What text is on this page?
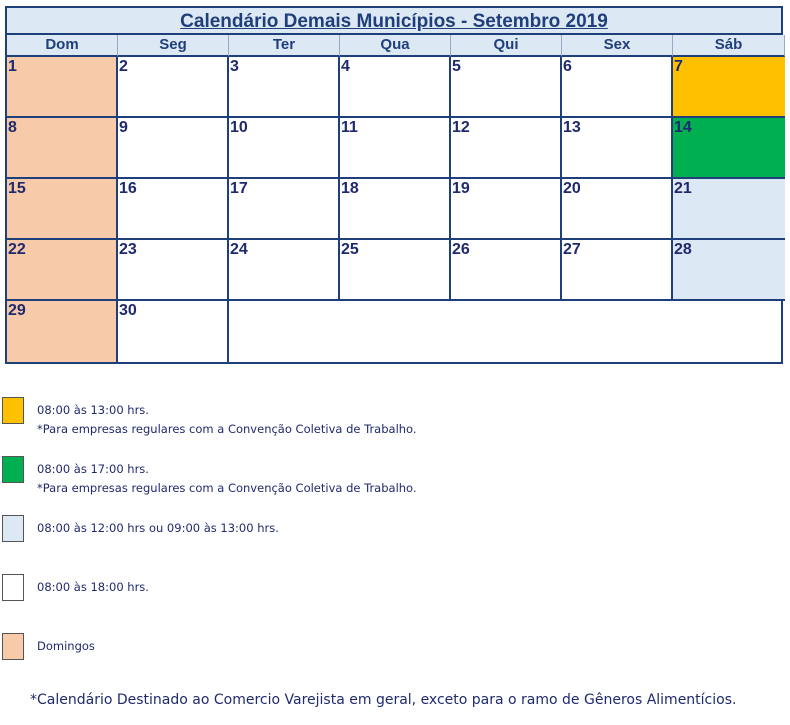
Calendário Demais Municípios - Setembro 2019
Dom	Seg	Ter	Qua	Qui	Sex	Sáb
1	2	3	4	5	6	7
8	9	10	11	12	13	14
15	16	17	18	19	20	21
22	23	24	25	26	27	28
29	30
08:00 às 13:00 hrs.
*Para empresas regulares com a Convenção Coletiva de Trabalho.
08:00 às 17:00 hrs.
*Para empresas regulares com a Convenção Coletiva de Trabalho.
08:00 às 12:00 hrs ou 09:00 às 13:00 hrs.
08:00 às 18:00 hrs.
Domingos
*Calendário Destinado ao Comercio Varejista em geral, exceto para o ramo de Gêneros Alimentícios.
